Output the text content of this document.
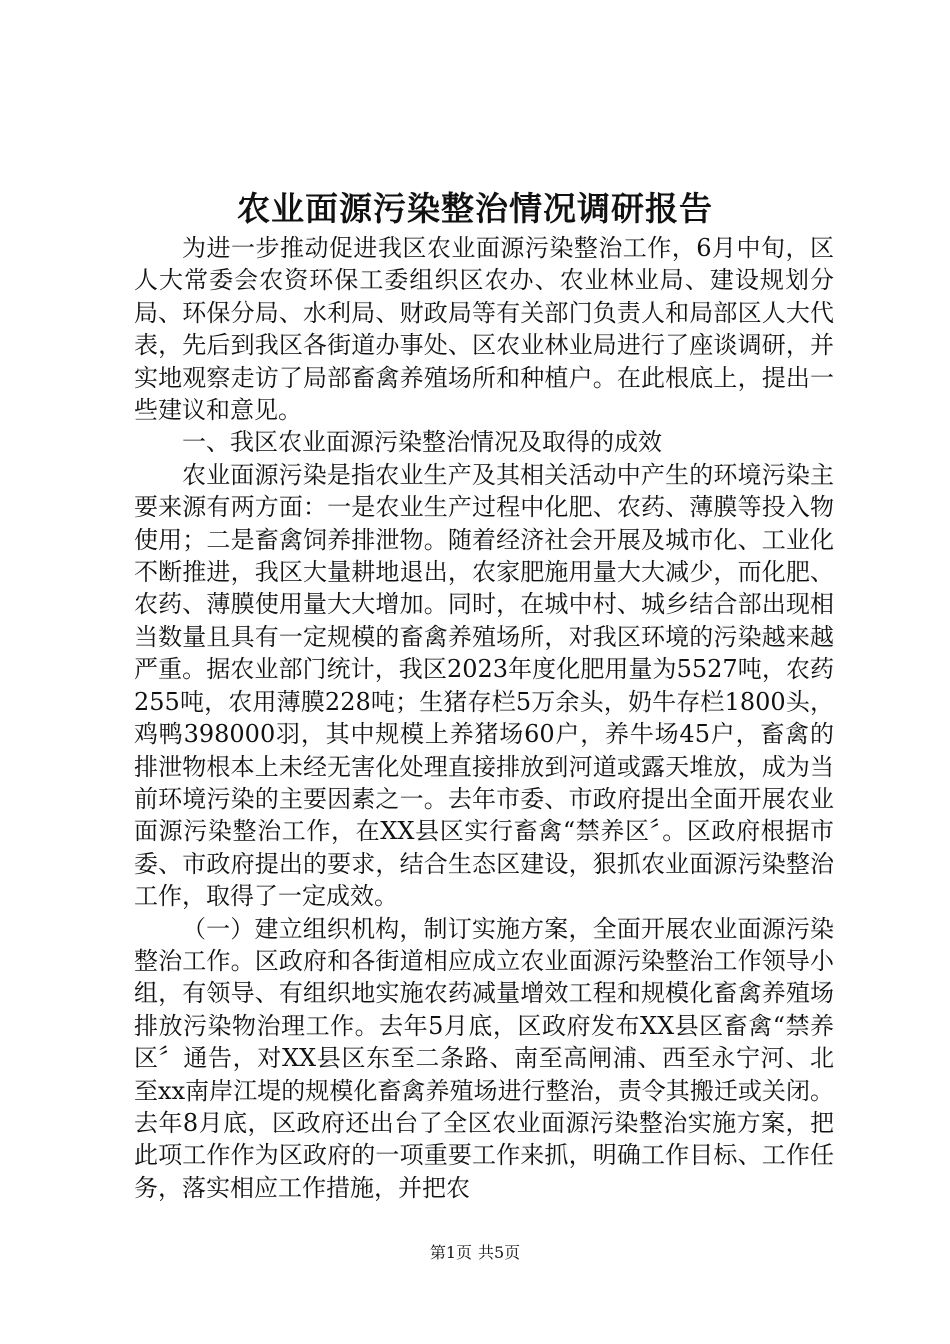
农业面源污染整治情况调研报告

为进一步推动促进我区农业面源污染整治工作，6月中旬，区人大常委会农资环保工委组织区农办、农业林业局、建设规划分局、环保分局、水利局、财政局等有关部门负责人和局部区人大代表，先后到我区各街道办事处、区农业林业局进行了座谈调研，并实地观察走访了局部畜禽养殖场所和种植户。在此根底上，提出一些建议和意见。

一、我区农业面源污染整治情况及取得的成效

农业面源污染是指农业生产及其相关活动中产生的环境污染主要来源有两方面：一是农业生产过程中化肥、农药、薄膜等投入物使用；二是畜禽饲养排泄物。随着经济社会开展及城市化、工业化不断推进，我区大量耕地退出，农家肥施用量大大减少，而化肥、农药、薄膜使用量大大增加。同时，在城中村、城乡结合部出现相当数量且具有一定规模的畜禽养殖场所，对我区环境的污染越来越严重。据农业部门统计，我区2023年度化肥用量为5527吨，农药255吨，农用薄膜228吨；生猪存栏5万余头，奶牛存栏1800头，鸡鸭398000羽，其中规模上养猪场60户，养牛场45户，畜禽的排泄物根本上未经无害化处理直接排放到河道或露天堆放，成为当前环境污染的主要因素之一。去年市委、市政府提出全面开展农业面源污染整治工作，在XX县区实行畜禽“禁养区〞。区政府根据市委、市政府提出的要求，结合生态区建设，狠抓农业面源污染整治工作，取得了一定成效。

（一）建立组织机构，制订实施方案，全面开展农业面源污染整治工作。区政府和各街道相应成立农业面源污染整治工作领导小组，有领导、有组织地实施农药减量增效工程和规模化畜禽养殖场排放污染物治理工作。去年5月底，区政府发布XX县区畜禽“禁养区〞通告，对XX县区东至二条路、南至高闸浦、西至永宁河、北至xx南岸江堤的规模化畜禽养殖场进行整治，责令其搬迁或关闭。去年8月底，区政府还出台了全区农业面源污染整治实施方案，把此项工作作为区政府的一项重要工作来抓，明确工作目标、工作任务，落实相应工作措施，并把农

第1页 共5页
